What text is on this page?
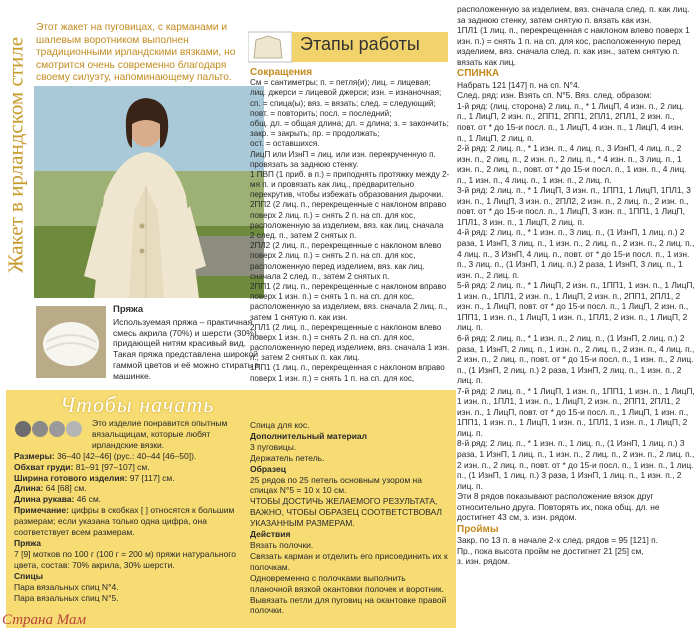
Жакет в ирландском стиле
Этот жакет на пуговицах, с карманами и шалевым воротником выполнен традиционными ирландскими вязками, но смотрится очень современно благодаря своему силуэту, напоминающему пальто.
Пряжа
Используемая пряжа – практичная смесь акрила (70%) и шерсти (30%), придающей нитям красивый вид. Такая пряжа представлена широкой гаммой цветов и её можно стирать в машинке.
Чтобы начать
Это изделие понравится опытным вязальщицам, которые любят ирландские вязки.
Размеры: 36–40 [42–46] (рус.: 40–44 [46–50]).
Обхват груди: 81–91 [97–107] см.
Ширина готового изделия: 97 [117] см.
Длина: 64 [68] см.
Длина рукава: 46 см.
Примечание: цифры в скобках [ ] относятся к большим размерам; если указана только одна цифра, она соответствует всем размерам.
Пряжа
7 [9] мотков по 100 г (100 г = 200 м) пряжи натурального цвета, состав: 70% акрила, 30% шерсти.
Спицы
Пара вязальных спиц N°4.
Пара вязальных спиц N°5.
Спица для кос.
Дополнительный материал
3 пуговицы.
Держатель петель.
Образец
25 рядов по 25 петель основным узором на спицах N°5 = 10 x 10 см.
ЧТОБЫ ДОСТИЧЬ ЖЕЛАЕМОГО РЕЗУЛЬТАТА, ВАЖНО, ЧТОБЫ ОБРАЗЕЦ СООТВЕТСТВОВАЛ УКАЗАННЫМ РАЗМЕРАМ.
Действия
Вязать полочки.
Связать карман и отделить его присоединить их к полочкам.
Одновременно с полочками выполнить планочной вязкой окантовки полочек и воротник.
Вывязать петли для пуговиц на окантовке правой полочки.
Этапы работы
Сокращения
См = сантиметры; п. = петля(и); лиц. = лицевая;
лиц. джерси = лицевой джерси; изн. = изнаночная;
сп. = спица(ы); вяз. = вязать; след. = следующий;
повт. = повторить; посл. = последний;
общ. дл. = общая длина; дл. = длина; з. = закончить;
закр. = закрыть; пр. = продолжать;
ост. = оставшихся.
ЛицП или ИзнП = лиц. или изн. перекрученную п. провязать за заднюю стенку.
1 ПВП (1 приб. в п.) = приподнять протяжку между 2-мя п. и провязать как лиц., предварительно перекрутив, чтобы избежать образования дырочки.
2ПП2 (2 лиц. п., перекрещенные с наклоном вправо поверх 2 лиц. п.) = снять 2 п. на сп. для кос, расположенную за изделием, вяз. как лиц. сначала 2 след. п., затем 2 снятых п.
2ПЛ2 (2 лиц. п., перекрещенные с наклоном влево поверх 2 лиц. п.) = снять 2 п. на сп. для кос, расположенную перед изделием, вяз. как лиц. сначала 2 след. п., затем 2 снятых п.
2ПП1 (2 лиц. п., перекрещенные с наклоном вправо поверх 1 изн. п.) = снять 1 п. на сп. для кос, расположенную за изделием, вяз. сначала 2 лиц. п., затем 1 снятую п. как изн.
2ПЛ1 (2 лиц. п., перекрещенные с наклоном влево поверх 1 изн. п.) = снять 2 п. на сп. для кос, расположенную перед изделием, вяз. сначала 1 изн. п., затем 2 снятых п. как лиц.
1ПП1 (1 лиц. п., перекрещенная с наклоном вправо поверх 1 изн. п.) = снять 1 п. на сп. для кос,
расположенную за изделием, вяз. сначала след. п. как лиц. за заднюю стенку, затем снятую п. вязать как изн.
1ПЛ1 (1 лиц. п., перекрещенная с наклоном влево поверх 1 изн. п.) = снять 1 п. на сп. для кос, расположенную перед изделием, вяз. сначала след. п. как изн., затем снятую п. вязать как лиц.
СПИНКА
Набрать 121 [147] п. на сп. N°4.
След. ряд: изн. Взять сп. N°5. Вяз. след. образом:
1-й ряд: (лиц. сторона) 2 лиц. п., * 1 ЛицП, 4 изн. п., 2 лиц. п., 1 ЛицП, 2 изн. п., 2ПП1, 2ПП1, 2ПЛ1, 2ПЛ1, 2 изн. п., повт. от * до 15-и посл. п., 1 ЛицП, 4 изн. п., 1 ЛицП, 4 изн. п., 1 ЛицП, 2 лиц. п.
2-й ряд: 2 лиц. п., * 1 изн. п., 4 лиц. п., 3 ИзнП, 4 лиц. п., 2 изн. п., 2 лиц. п., 2 изн. п., 2 лиц. п., * 4 изн. п., 3 лиц. п., 1 изн. п., 2 лиц. п., повт. от * до 15-и посл. п., 1 изн. п., 4 лиц. п., 1 изн. п., 4 лиц. п., 1 изн. п., 2 лиц. п.
3-й ряд: 2 лиц. п., * 1 ЛицП, 3 изн. п., 1ПП1, 1 ЛицП, 1ПЛ1, 3 изн. п., 1 ЛицП, 3 изн. п., 2ПЛ2, 2 изн. п., 2 лиц. п., 2 изн. п., повт. от * до 15-и посл. п., 1 ЛицП, 3 изн. п., 1ПП1, 1 ЛицП, 1ПЛ1, 3 изн. п., 1 ЛицП, 2 лиц. п.
4-й ряд: 2 лиц. п., * 1 изн. п., 3 лиц. п., (1 ИзнП, 1 лиц. п.) 2 раза, 1 ИзнП, 3 лиц. п., 1 изн. п., 2 лиц. п., 2 изн. п., 2 лиц. п., 4 лиц. п., 3 ИзнП, 4 лиц. п., повт. от * до 15-и посл. п., 1 изн. п., 3 лиц. п., (1 ИзнП, 1 лиц. п.) 2 раза, 1 ИзнП, 3 лиц. п., 1 изн. п., 2 лиц. п.
5-й ряд: 2 лиц. п., * 1 ЛицП, 2 изн. п., 1ПП1, 1 изн. п., 1 ЛицП, 1 изн. п., 1ПЛ1, 2 изн. п., 1 ЛицП, 2 изн. п., 2ПП1, 2ПЛ1, 2 изн. п., 1 ЛицП, повт. от * до 15-и посл. п., 1 ЛицП, 2 изн. п., 1ПП1, 1 изн. п., 1 ЛицП, 1 изн. п., 1ПЛ1, 2 изн. п., 1 ЛицП, 2 лиц. п.
6-й ряд: 2 лиц. п., * 1 изн. п., 2 лиц. п., (1 ИзнП, 2 лиц. п.) 2 раза, 1 ИзнП, 2 лиц. п., 1 изн. п., 2 лиц. п., 2 изн. п., 4 лиц. п., 2 изн. п., 2 лиц. п., повт. от * до 15-и посл. п., 1 изн. п., 2 лиц. п., (1 ИзнП, 2 лиц. п.) 2 раза, 1 ИзнП, 2 лиц. п., 1 изн. п., 2 лиц. п.
7-й ряд: 2 лиц. п., * 1 ЛицП, 1 изн. п., 1ПП1, 1 изн. п., 1 ЛицП, 1 изн. п., 1ПЛ1, 1 изн. п., 1 ЛицП, 2 изн. п., 2ПП1, 2ПЛ1, 2 изн. п., 1 ЛицП, повт. от * до 15-и посл. п., 1 ЛицП, 1 изн. п., 1ПП1, 1 изн. п., 1 ЛицП, 1 изн. п., 1ПЛ1, 1 изн. п., 1 ЛицП, 2 лиц. п.
8-й ряд: 2 лиц. п., * 1 изн. п., 1 лиц. п., (1 ИзнП, 1 лиц. п.) 3 раза, 1 ИзнП, 1 лиц. п., 1 изн. п., 2 лиц. п., 2 изн. п., 2 лиц. п., 2 изн. п., 2 лиц. п., повт. от * до 15-и посл. п., 1 изн. п., 1 лиц. п., (1 ИзнП, 1 лиц. п.) 3 раза, 1 ИзнП, 1 лиц. п., 1 изн. п., 2 лиц. п.
Эти 8 рядов показывают расположение вязок друг относительно друга. Повторять их, пока общ. дл. не достигнет 43 см, з. изн. рядом.
Проймы
Закр. по 13 п. в начале 2-х след. рядов = 95 [121] п.
Пр., пока высота пройм не достигнет 21 [25] см,
з. изн. рядом.
Страна Мам
